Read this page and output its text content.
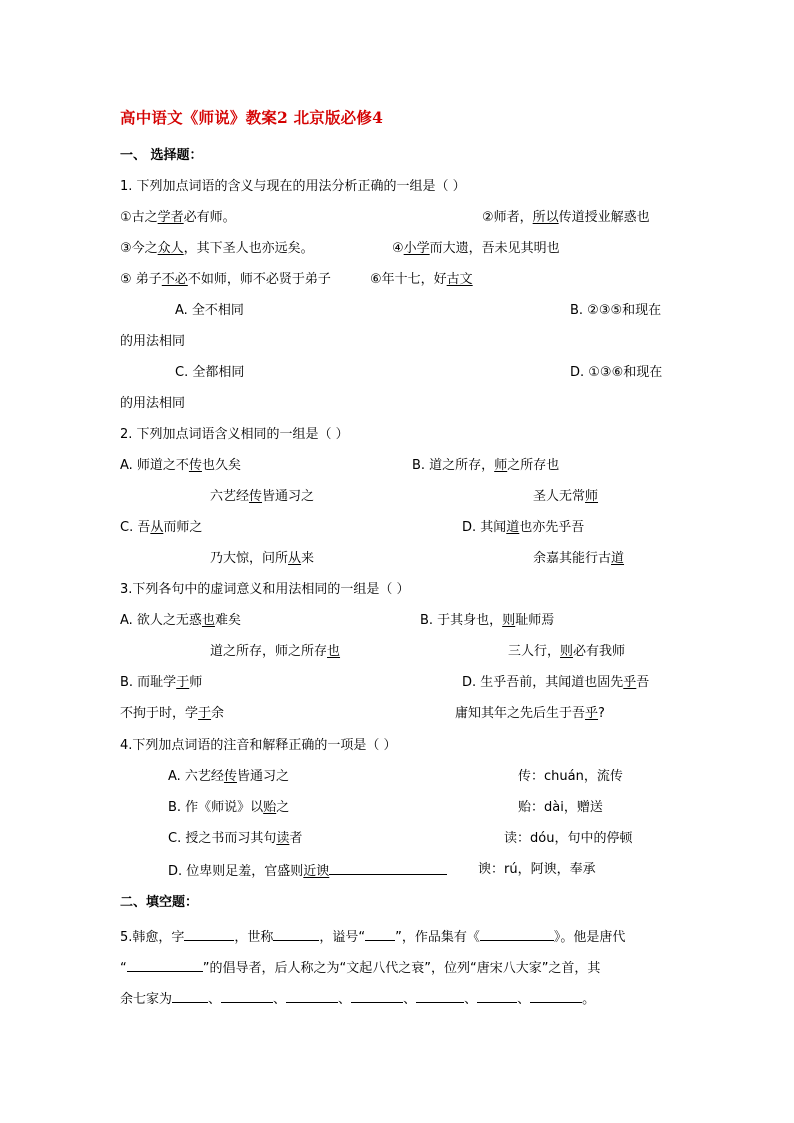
高中语文《师说》教案2 北京版必修4
一、 选择题：
1. 下列加点词语的含义与现在的用法分析正确的一组是（ ）
①古之学者必有师。	②师者，所以传道授业解惑也
③今之众人，其下圣人也亦远矣。	④小学而大遗，吾未见其明也
⑤ 弟子不必不如师，师不必贤于弟子	⑥年十七，好古文
A. 全不相同	B. ②③⑤和现在
的用法相同
C. 全都相同	D. ①③⑥和现在
的用法相同
2. 下列加点词语含义相同的一组是（ ）
A. 师道之不传也久矣	B. 道之所存，师之所存也
六艺经传皆通习之	圣人无常师
C. 吾从而师之	D. 其闻道也亦先乎吾
乃大惊，问所从来	余嘉其能行古道
3.下列各句中的虚词意义和用法相同的一组是（ ）
A. 欲人之无惑也难矣	B. 于其身也，则耻师焉
道之所存，师之所存也	三人行，则必有我师
B. 而耻学于师	D. 生乎吾前，其闻道也固先乎吾
不拘于时，学于余	庸知其年之先后生于吾乎?
4.下列加点词语的注音和解释正确的一项是（ ）
A. 六艺经传皆通习之	传：chuán，流传
B. 作《师说》以贻之	贻：dài，赠送
C. 授之书而习其句读者	读：dóu，句中的停顿
D. 位卑则足羞，官盛则近谀	谀：rú，阿谀，奉承
二、填空题：
5.韩愈，字	，世称	，谥号“ ”，作品集有《	》。他是唐代
“	”的倡导者，后人称之为“文起八代之衰”，位列“唐宋八大家”之首，其
余七家为	、	、	、	、	、	、	。
